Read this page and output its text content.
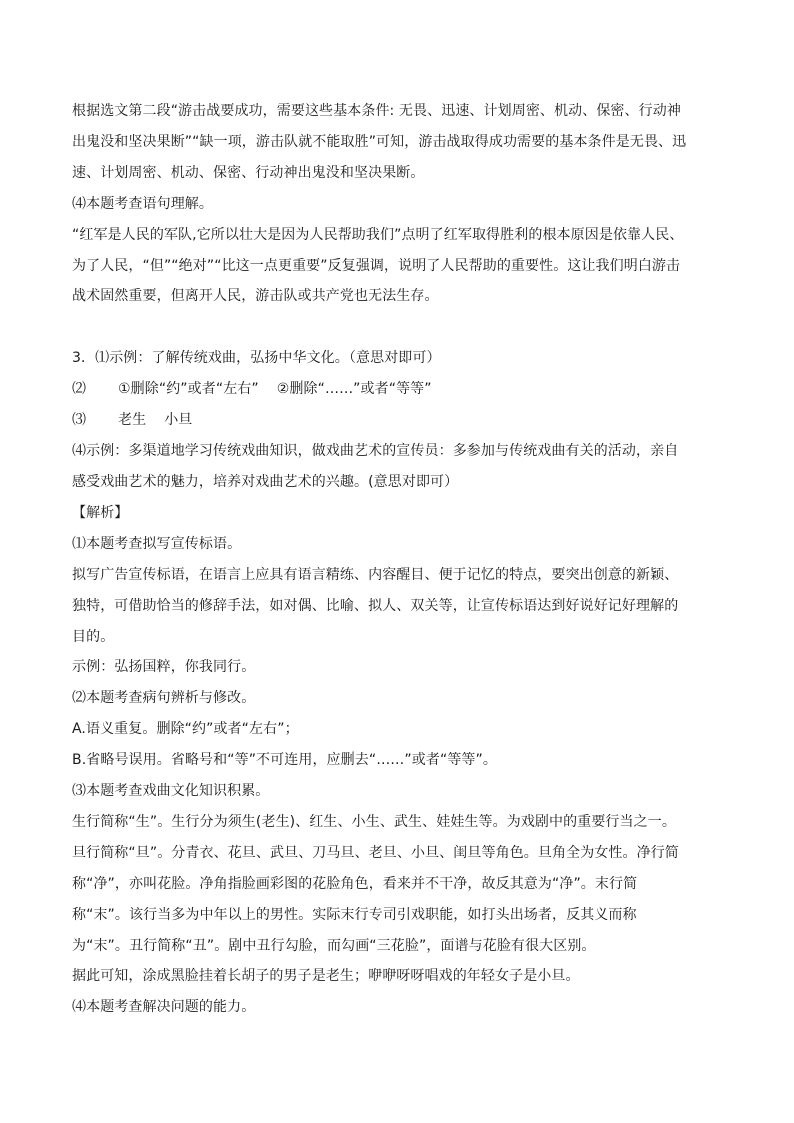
根据选文第二段“游击战要成功，需要这些基本条件: 无畏、迅速、计划周密、机动、保密、行动神出鬼没和坚决果断”“缺一项，游击队就不能取胜”可知，游击战取得成功需要的基本条件是无畏、迅速、计划周密、机动、保密、行动神出鬼没和坚决果断。

⑷本题考查语句理解。

“红军是人民的军队,它所以壮大是因为人民帮助我们”点明了红军取得胜利的根本原因是依靠人民、为了人民，“但”“绝对”“比这一点更重要”反复强调，说明了人民帮助的重要性。这让我们明白游击战术固然重要，但离开人民，游击队或共产党也无法生存。

3．⑴示例：了解传统戏曲，弘扬中华文化。（意思对即可）

⑵	①删除“约”或者“左右” ②删除“……”或者“等等”
⑶	老生 小旦

⑷示例：多渠道地学习传统戏曲知识，做戏曲艺术的宣传员：多参加与传统戏曲有关的活动，亲自感受戏曲艺术的魅力，培养对戏曲艺术的兴趣。(意思对即可）

【解析】

⑴本题考查拟写宣传标语。

拟写广告宣传标语，在语言上应具有语言精练、内容醒目、便于记忆的特点，要突出创意的新颖、独特，可借助恰当的修辞手法，如对偶、比喻、拟人、双关等，让宣传标语达到好说好记好理解的目的。

示例：弘扬国粹，你我同行。

⑵本题考查病句辨析与修改。

A.语义重复。删除“约”或者“左右”；

B.省略号误用。省略号和“等”不可连用，应删去“……”或者“等等”。

⑶本题考查戏曲文化知识积累。

生行简称“生”。生行分为须生(老生)、红生、小生、武生、娃娃生等。为戏剧中的重要行当之一。旦行简称“旦”。分青衣、花旦、武旦、刀马旦、老旦、小旦、闺旦等角色。旦角全为女性。净行简称“净”，亦叫花脸。净角指脸画彩图的花脸角色，看来并不干净，故反其意为“净”。末行简称“末”。该行当多为中年以上的男性。实际末行专司引戏职能，如打头出场者，反其义而称为“末”。丑行简称“丑”。剧中丑行勾脸，而勾画“三花脸”，面谱与花脸有很大区别。

据此可知，涂成黑脸挂着长胡子的男子是老生；咿咿呀呀唱戏的年轻女子是小旦。

⑷本题考查解决问题的能力。
